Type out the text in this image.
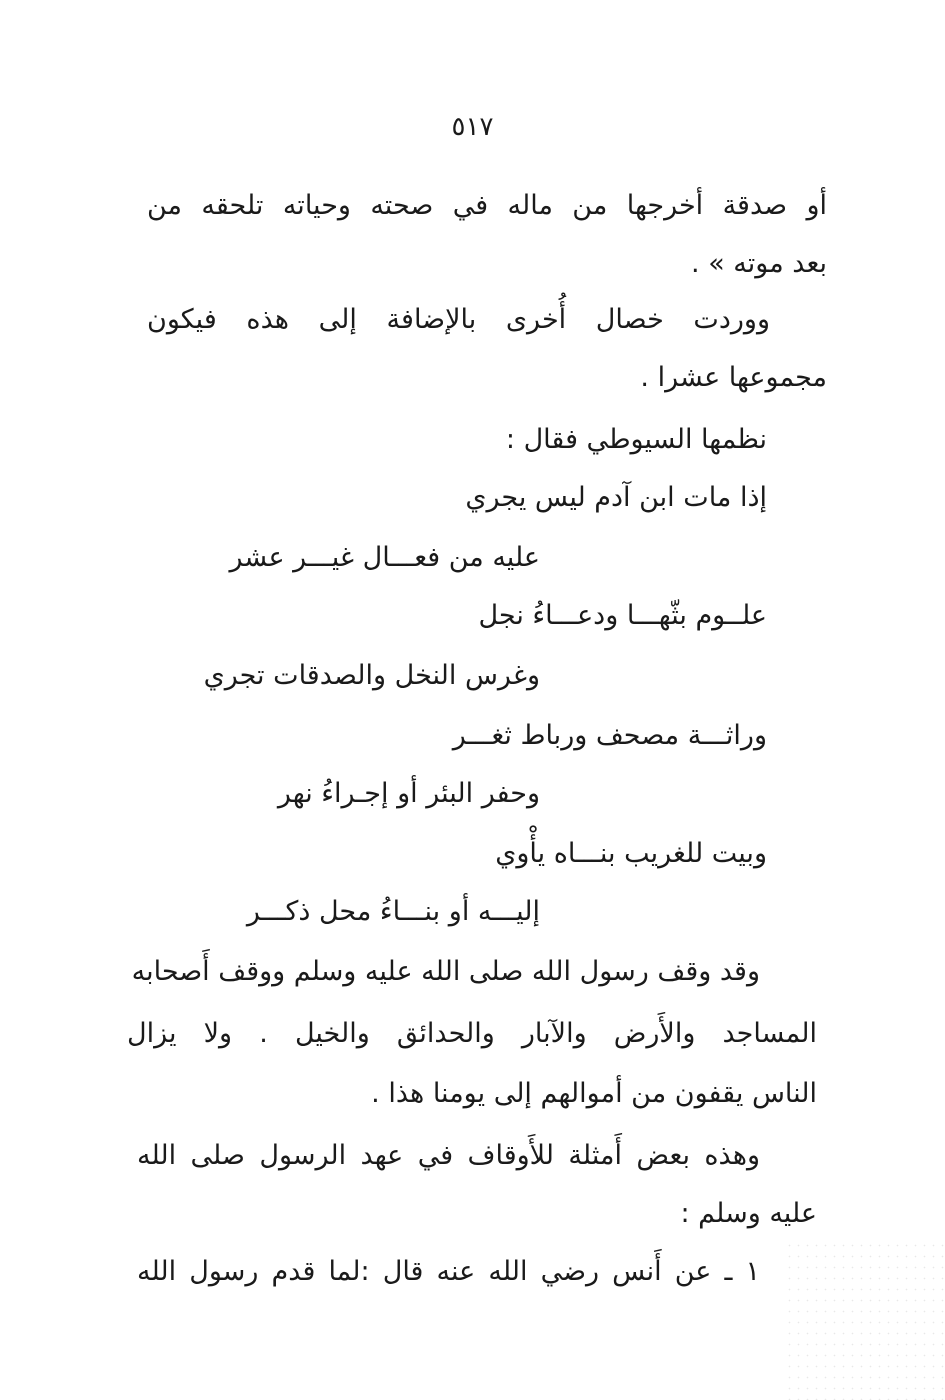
٥١٧
أو صدقة أخرجها من ماله في صحته وحياته تلحقه من
بعد موته » .
ووردت خصال أُخرى بالإضافة إلى هذه فيكون
مجموعها عشرا .
نظمها السيوطي فقال :
إذا مات ابن آدم ليس يجري
عليه من فعـــال غيـــر عشر
علــوم بثّهـــا ودعـــاءُ نجل
وغرس النخل والصدقات تجري
وراثـــة مصحف ورباط ثغـــر
وحفر البئر أو إجـراءُ نهر
وبيت للغريب بنـــاه يأْوي
إليـــه أو بنـــاءُ محل ذكـــر
وقد وقف رسول الله صلى الله عليه وسلم ووقف أَصحابه
المساجد والأَرض والآبار والحدائق والخيل . ولا يزال
الناس يقفون من أموالهم إلى يومنا هذا .
وهذه بعض أَمثلة للأَوقاف في عهد الرسول صلى الله
عليه وسلم :
١ ـ عن أَنس رضي الله عنه قال :لما قدم رسول الله
